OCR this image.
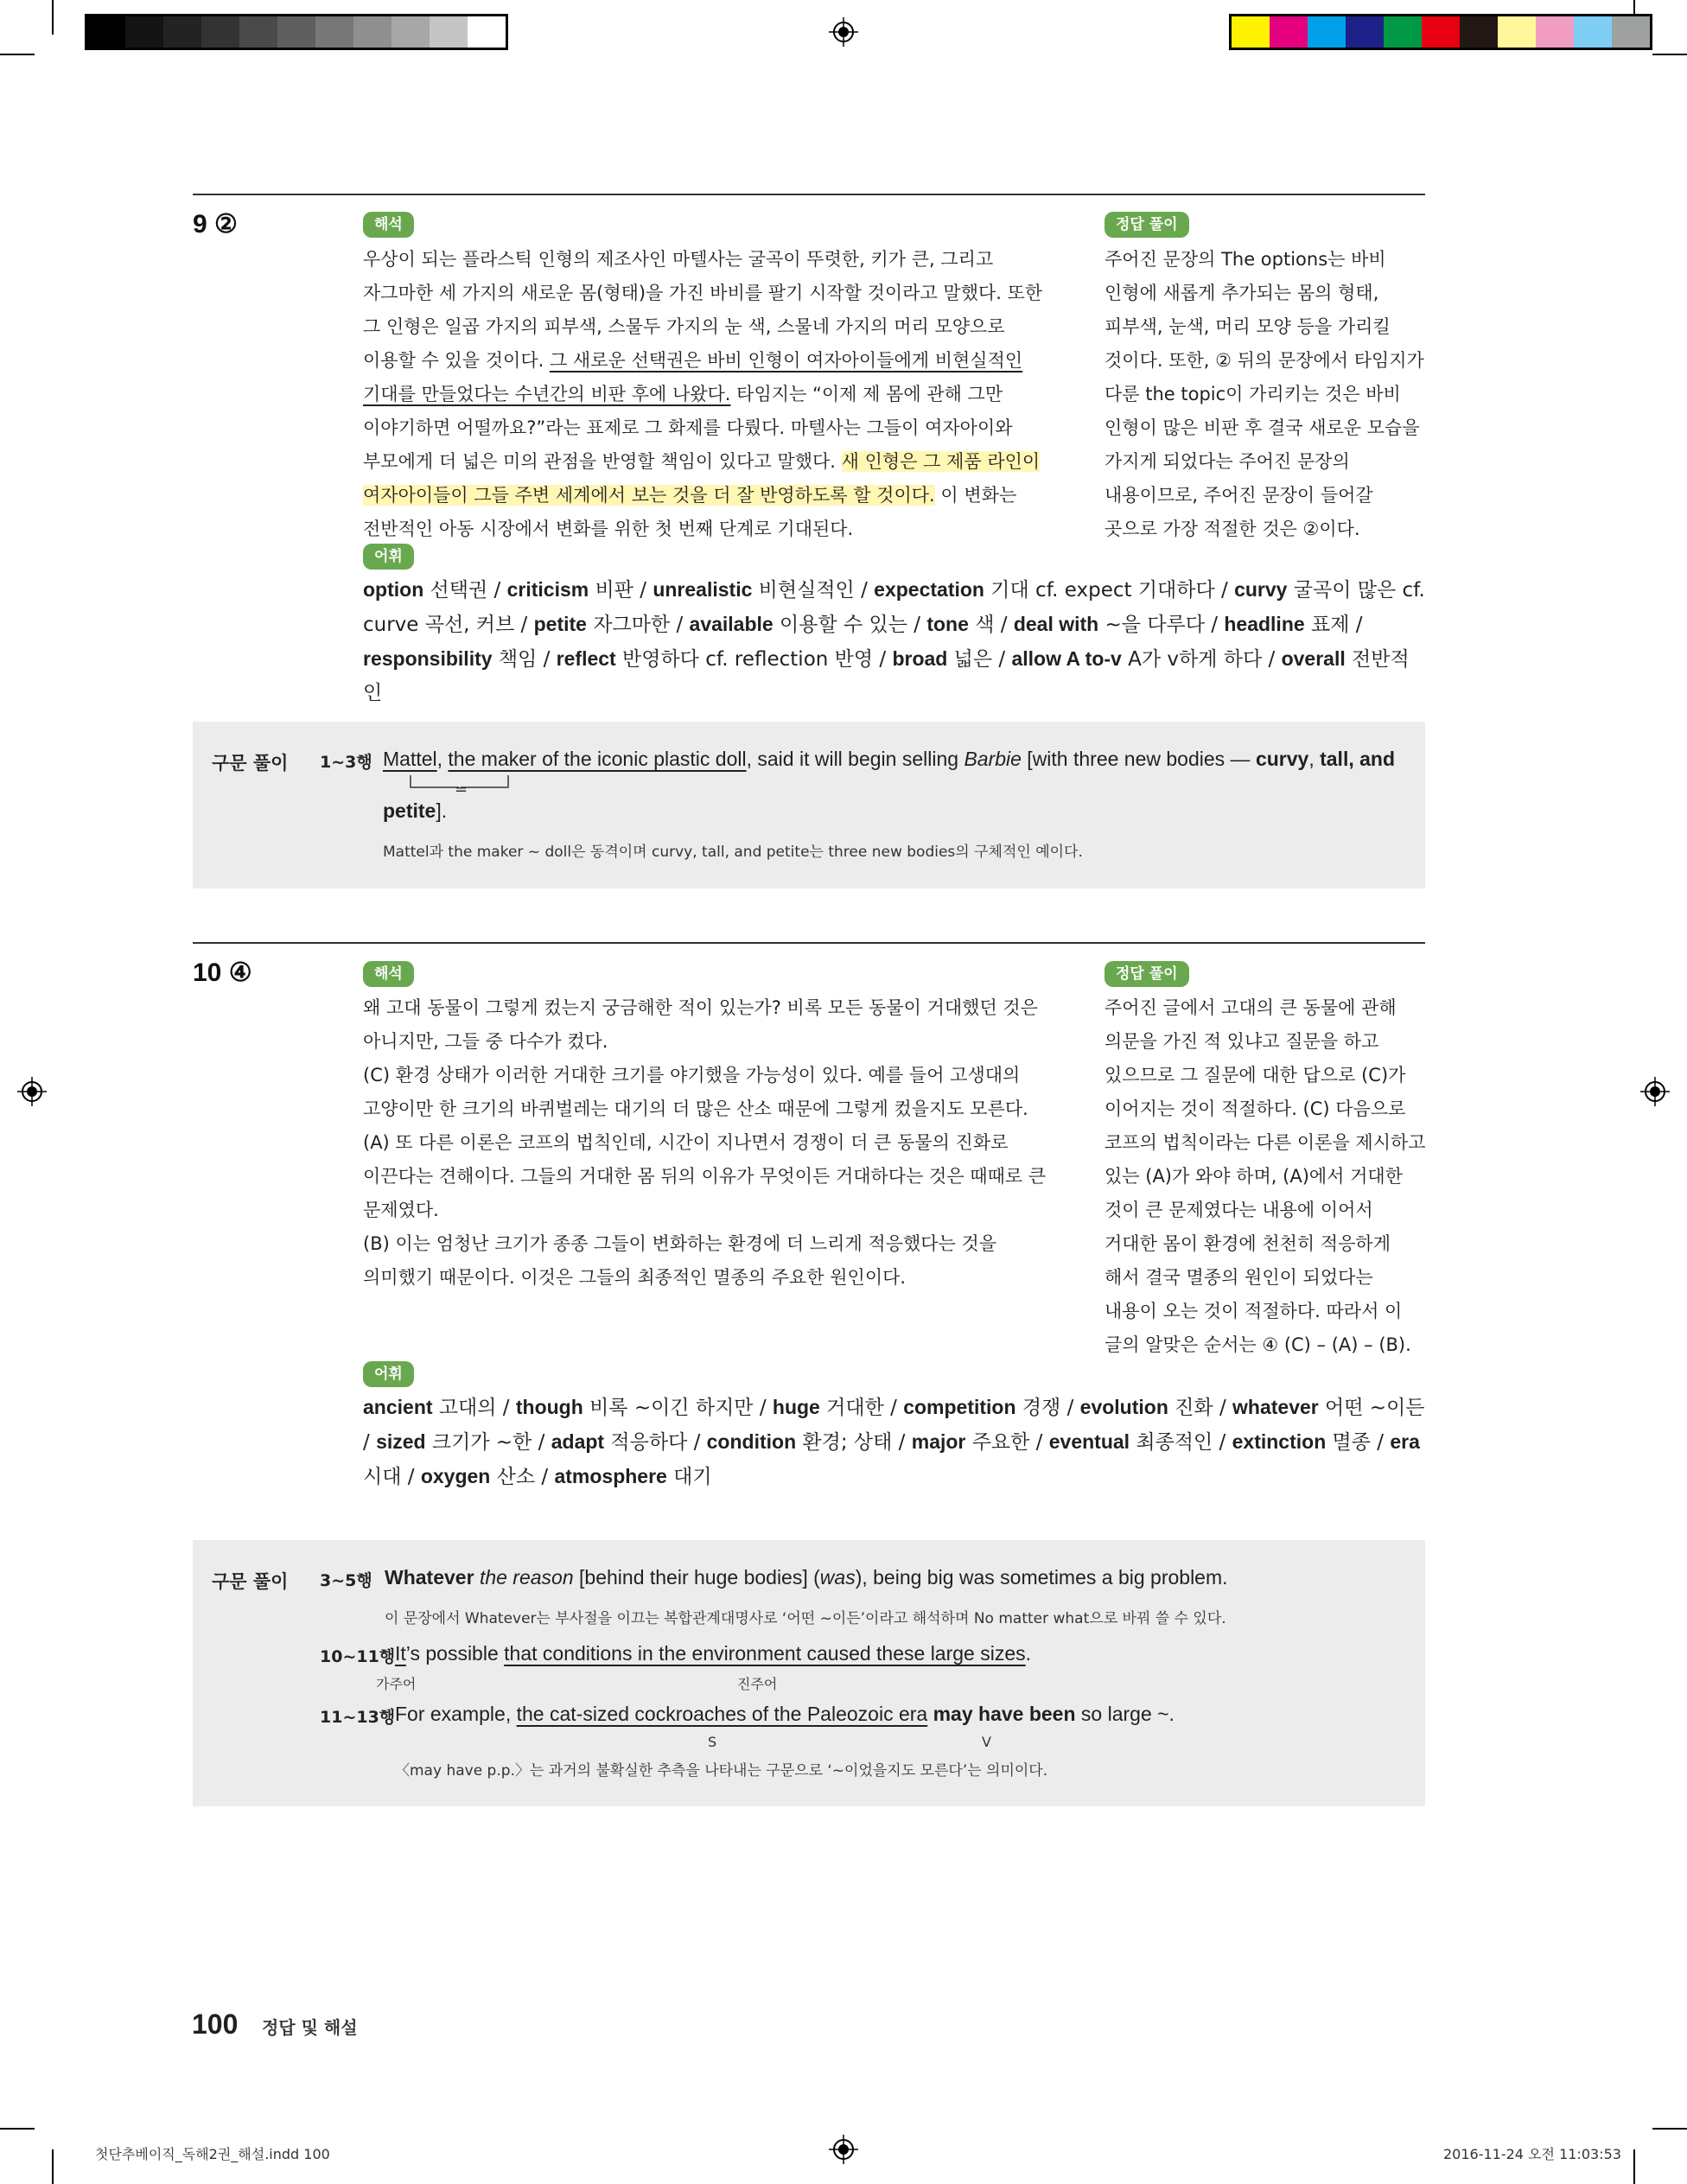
9 ②	해석

우상이 되는 플라스틱 인형의 제조사인 마텔사는 굴곡이 뚜렷한, 키가 큰, 그리고 자그마한 세 가지의 새로운 몸(형태)을 가진 바비를 팔기 시작할 것이라고 말했다. 또한 그 인형은 일곱 가지의 피부색, 스물두 가지의 눈 색, 스물네 가지의 머리 모양으로 이용할 수 있을 것이다. 그 새로운 선택권은 바비 인형이 여자아이들에게 비현실적인 기대를 만들었다는 수년간의 비판 후에 나왔다. 타임지는 “이제 제 몸에 관해 그만 이야기하면 어떨까요?”라는 표제로 그 화제를 다뤘다. 마텔사는 그들이 여자아이와 부모에게 더 넓은 미의 관점을 반영할 책임이 있다고 말했다. 새 인형은 그 제품 라인이 여자아이들이 그들 주변 세계에서 보는 것을 더 잘 반영하도록 할 것이다. 이 변화는 전반적인 아동 시장에서 변화를 위한 첫 번째 단계로 기대된다.

정답 풀이
주어진 문장의 The options는 바비 인형에 새롭게 추가되는 몸의 형태, 피부색, 눈색, 머리 모양 등을 가리킬 것이다. 또한, ② 뒤의 문장에서 타임지가 다룬 the topic이 가리키는 것은 바비 인형이 많은 비판 후 결국 새로운 모습을 가지게 되었다는 주어진 문장의 내용이므로, 주어진 문장이 들어갈 곳으로 가장 적절한 것은 ②이다.
어휘
option 선택권 / criticism 비판 / unrealistic 비현실적인 / expectation 기대 cf. expect 기대하다 / curvy 굴곡이 많은 cf. curve 곡선, 커브 / petite 자그마한 / available 이용할 수 있는 / tone 색 / deal with ~을 다루다 / headline 표제 / responsibility 책임 / reflect 반영하다 cf. reflection 반영 / broad 넓은 / allow A to-v A가 v하게 하다 / overall 전반적인
구문 풀이 1~3행 Mattel, the maker of the iconic plastic doll, said it will begin selling Barbie [with three new bodies — curvy, tall, and
=
petite].
Mattel과 the maker ~ doll은 동격이며 curvy, tall, and petite는 three new bodies의 구체적인 예이다.
10 ④	해석

왜 고대 동물이 그렇게 컸는지 궁금해한 적이 있는가? 비록 모든 동물이 거대했던 것은 아니지만, 그들 중 다수가 컸다.

(C) 환경 상태가 이러한 거대한 크기를 야기했을 가능성이 있다. 예를 들어 고생대의 고양이만 한 크기의 바퀴벌레는 대기의 더 많은 산소 때문에 그렇게 컸을지도 모른다.

(A) 또 다른 이론은 코프의 법칙인데, 시간이 지나면서 경쟁이 더 큰 동물의 진화로 이끈다는 견해이다. 그들의 거대한 몸 뒤의 이유가 무엇이든 거대하다는 것은 때때로 큰 문제였다.

(B) 이는 엄청난 크기가 종종 그들이 변화하는 환경에 더 느리게 적응했다는 것을 의미했기 때문이다. 이것은 그들의 최종적인 멸종의 주요한 원인이다.

정답 풀이
주어진 글에서 고대의 큰 동물에 관해 의문을 가진 적 있냐고 질문을 하고 있으므로 그 질문에 대한 답으로 (C)가 이어지는 것이 적절하다. (C) 다음으로 코프의 법칙이라는 다른 이론을 제시하고 있는 (A)가 와야 하며, (A)에서 거대한 것이 큰 문제였다는 내용에 이어서 거대한 몸이 환경에 천천히 적응하게 해서 결국 멸종의 원인이 되었다는 내용이 오는 것이 적절하다. 따라서 이 글의 알맞은 순서는 ④ (C) – (A) – (B).
어휘
ancient 고대의 / though 비록 ~이긴 하지만 / huge 거대한 / competition 경쟁 / evolution 진화 / whatever 어떤 ~이든 / sized 크기가 ~한 / adapt 적응하다 / condition 환경; 상태 / major 주요한 / eventual 최종적인 / extinction 멸종 / era 시대 / oxygen 산소 / atmosphere 대기
구문 풀이 3~5행 Whatever the reason [behind their huge bodies] (was), being big was sometimes a big problem.
이 문장에서 Whatever는 부사절을 이끄는 복합관계대명사로 ‘어떤 ~이든’이라고 해석하며 No matter what으로 바꿔 쓸 수 있다.
10~11행 It’s possible that conditions in the environment caused these large sizes.
가주어	진주어
11~13행 For example, the cat-sized cockroaches of the Paleozoic era may have been so large ~.
S	V
〈may have p.p.〉는 과거의 불확실한 추측을 나타내는 구문으로 ‘~이었을지도 모른다’는 의미이다.
100 정답 및 해설
첫단추베이직_독해2권_해설.indd 100	2016-11-24 오전 11:03:53
